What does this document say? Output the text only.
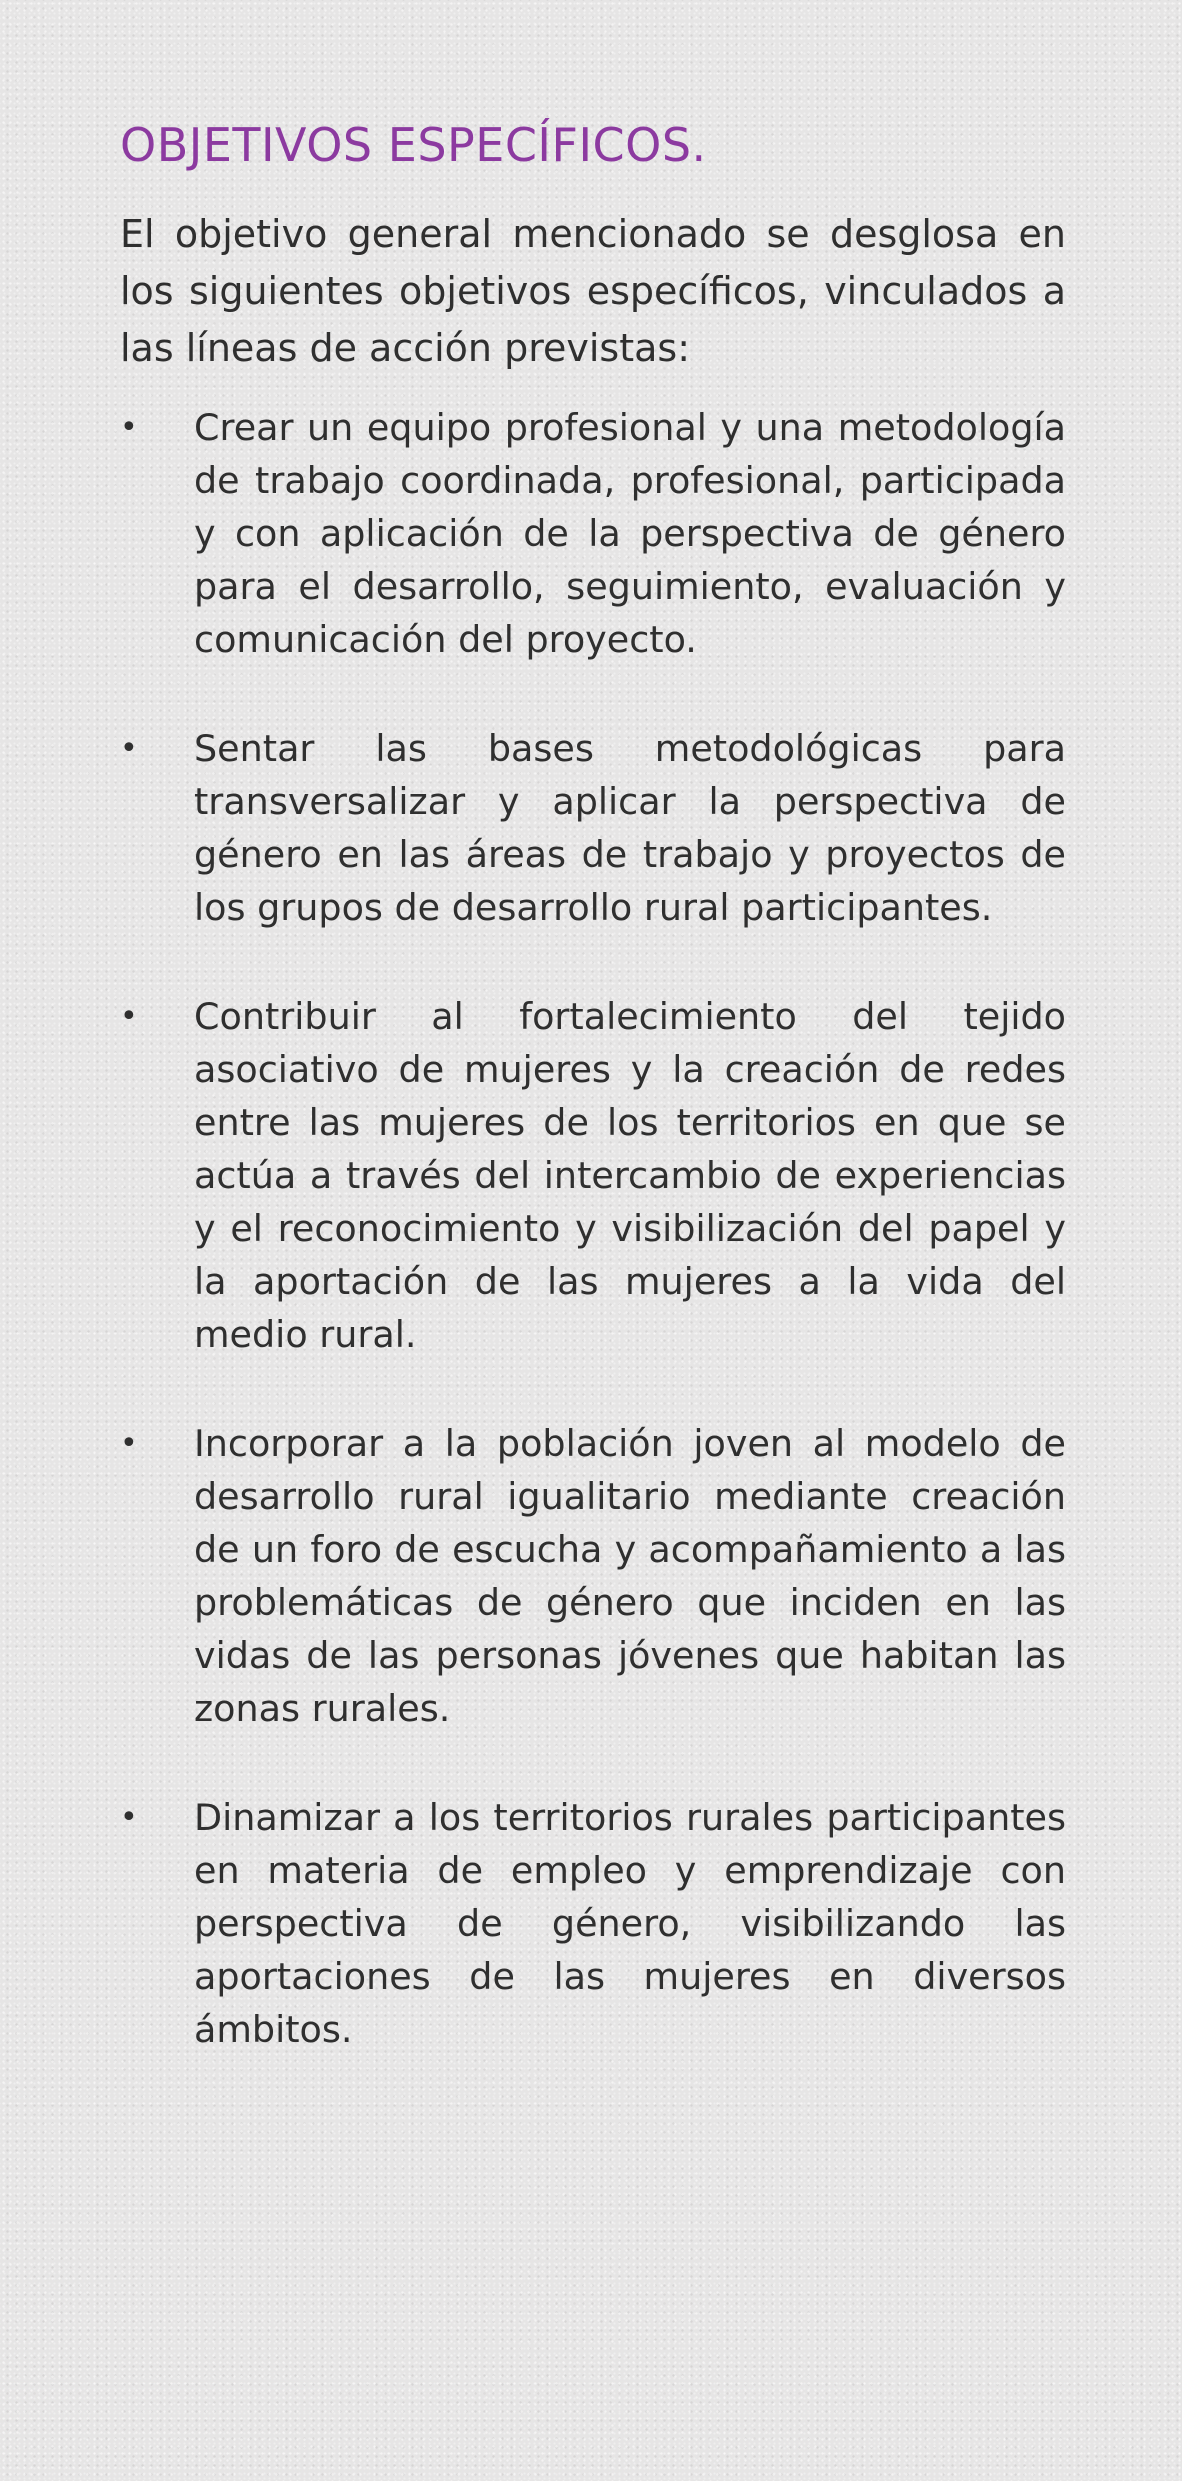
OBJETIVOS ESPECÍFICOS.

El objetivo general mencionado se desglosa en los siguientes objetivos específicos, vinculados a las líneas de acción previstas:

•	Crear un equipo profesional y una metodología de trabajo coordinada, profesional, participada y con aplicación de la perspectiva de género para el desarrollo, seguimiento, evaluación y comunicación del proyecto.
•	Sentar las bases metodológicas para transversalizar y aplicar la perspectiva de género en las áreas de trabajo y proyectos de los grupos de desarrollo rural participantes.
•	Contribuir al fortalecimiento del tejido asociativo de mujeres y la creación de redes entre las mujeres de los territorios en que se actúa a través del intercambio de experiencias y el reconocimiento y visibilización del papel y la aportación de las mujeres a la vida del medio rural.
•	Incorporar a la población joven al modelo de desarrollo rural igualitario mediante creación de un foro de escucha y acompañamiento a las problemáticas de género que inciden en las vidas de las personas jóvenes que habitan las zonas rurales.
•	Dinamizar a los territorios rurales participantes en materia de empleo y emprendizaje con perspectiva de género, visibilizando las aportaciones de las mujeres en diversos ámbitos.
